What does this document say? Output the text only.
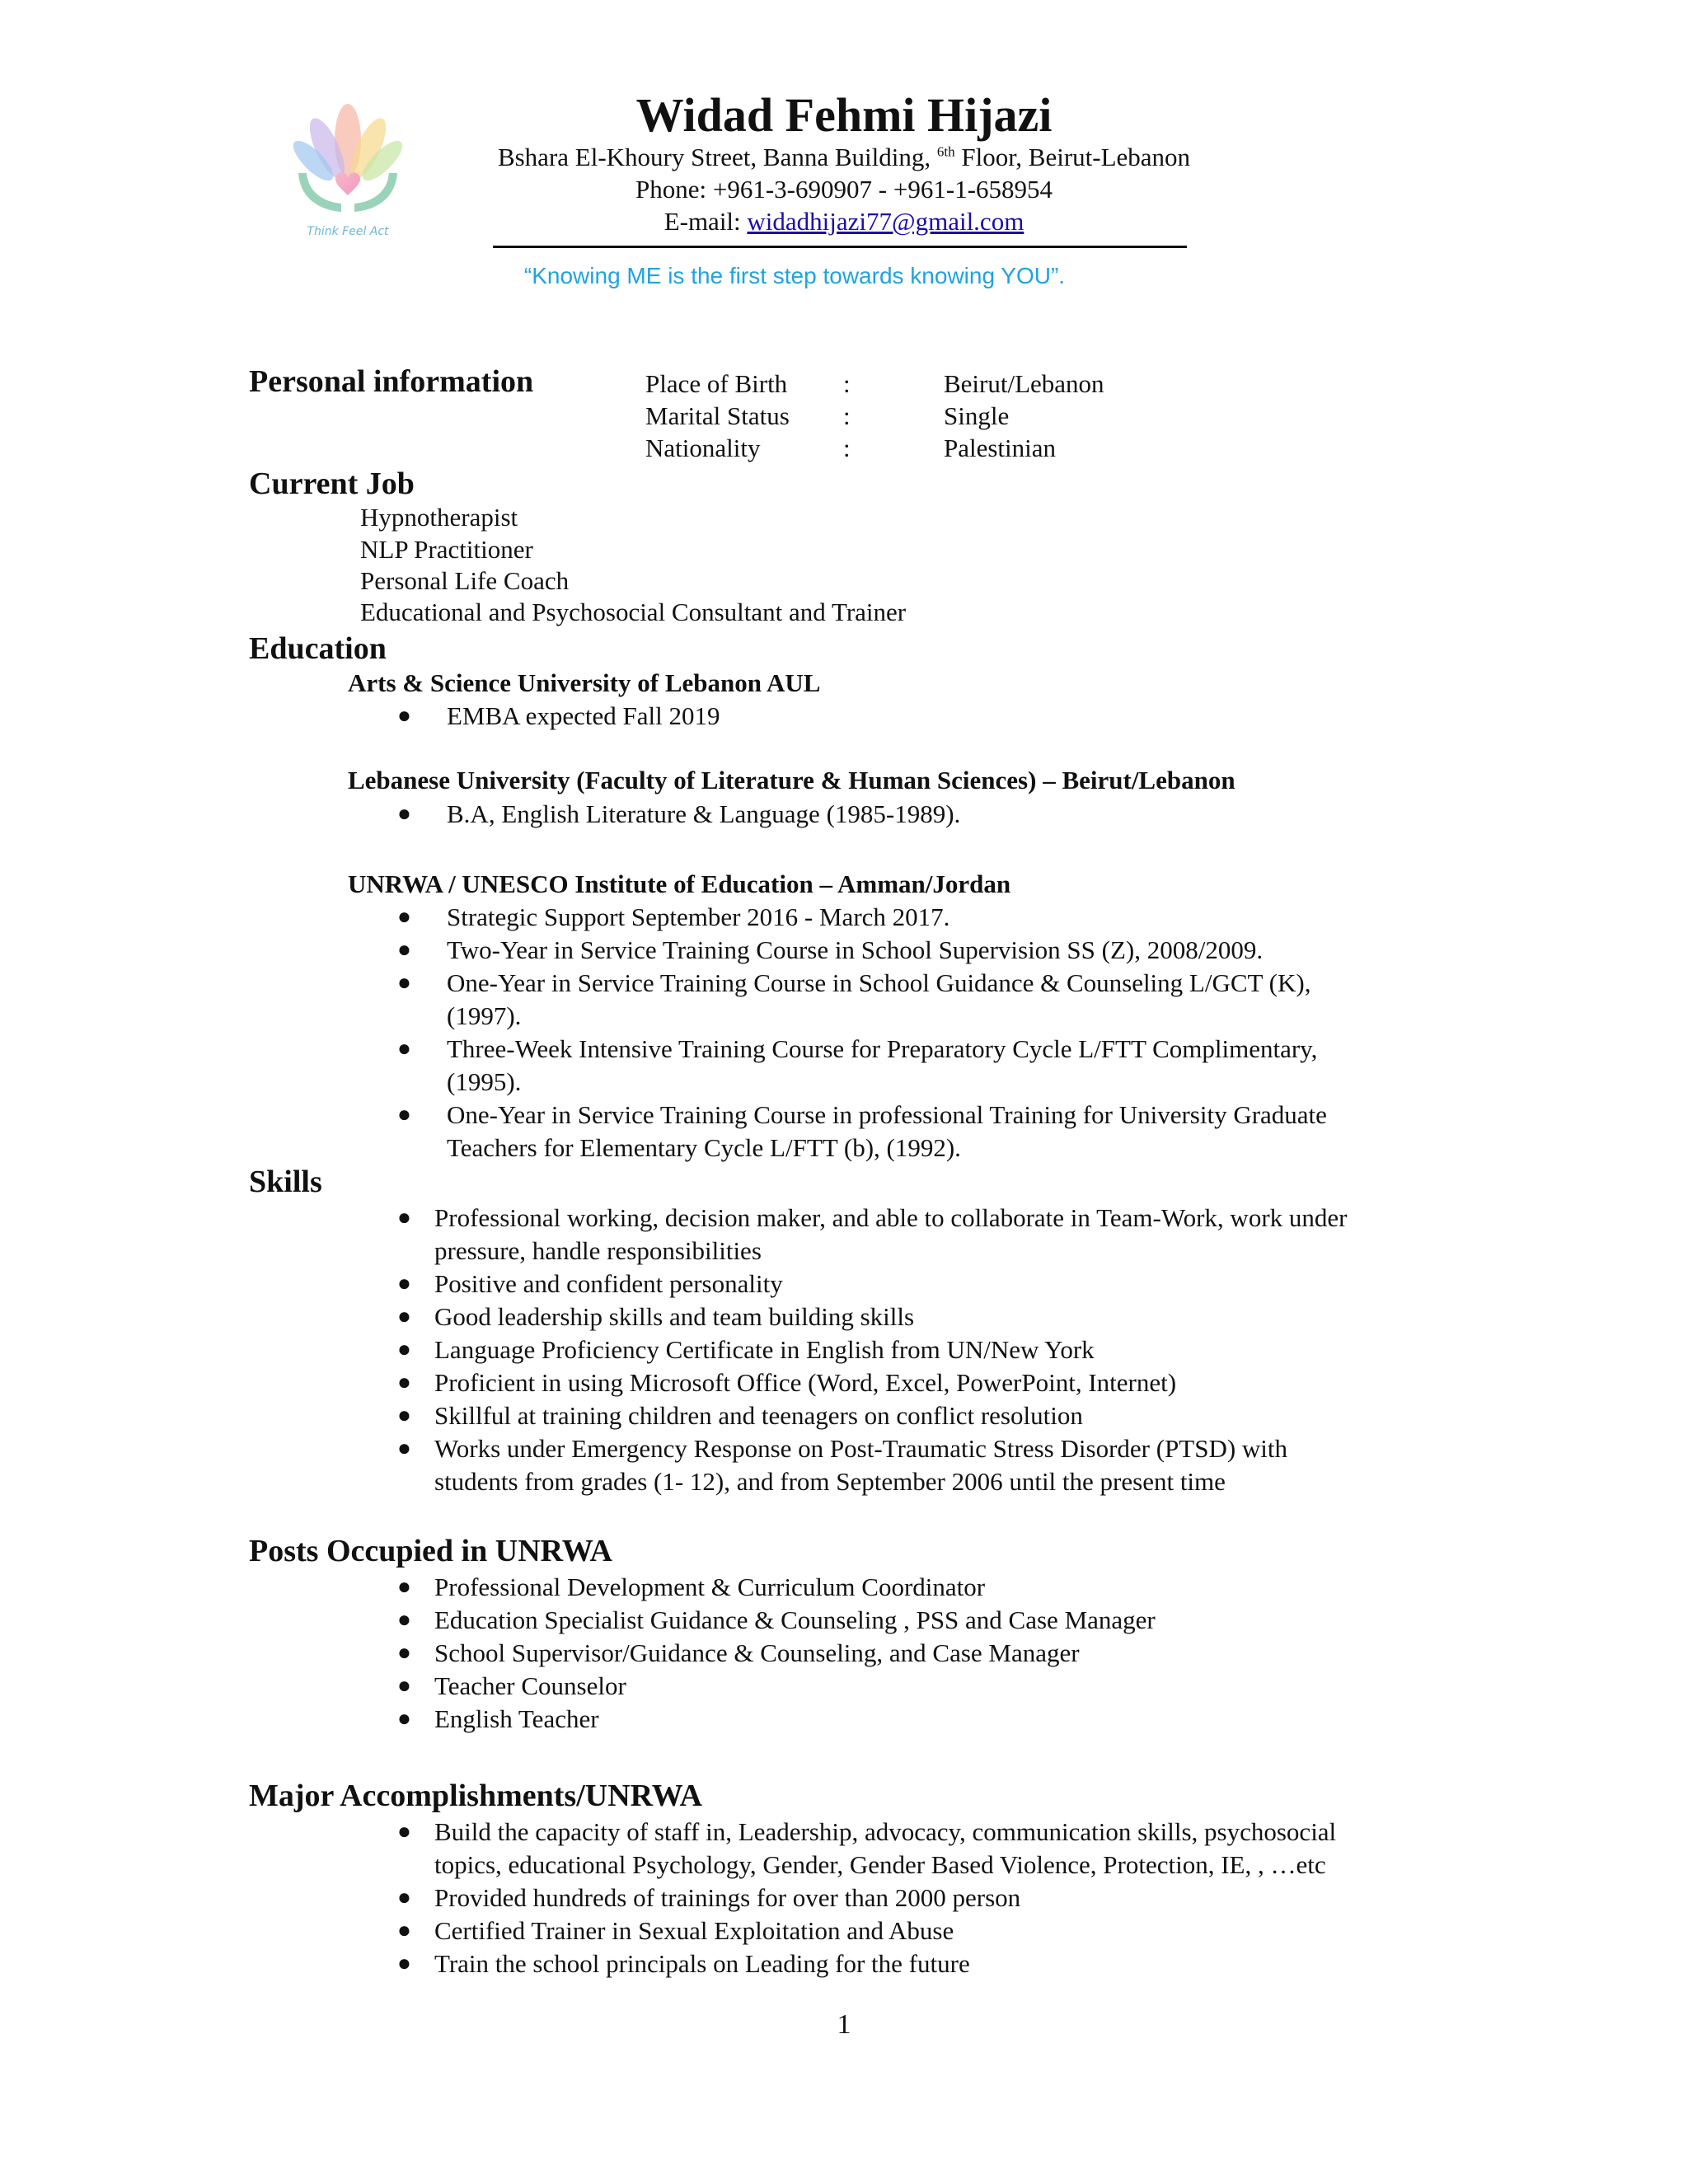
Think Feel Act
Widad Fehmi Hijazi
Bshara El-Khoury Street, Banna Building, $^{6th}$ Floor, Beirut-Lebanon
Phone: +961-3-690907 - +961-1-658954
E-mail: widadhijazi77@gmail.com
“Knowing ME is the first step towards knowing YOU”.
Personal information	Place of Birth :	Beirut/Lebanon
Marital Status :	Single
Nationality	:	Palestinian
Current Job
Hypnotherapist
NLP Practitioner
Personal Life Coach
Educational and Psychosocial Consultant and Trainer
Education
Arts & Science University of Lebanon AUL
● EMBA expected Fall 2019
Lebanese University (Faculty of Literature & Human Sciences) – Beirut/Lebanon
● B.A, English Literature & Language (1985-1989).
UNRWA / UNESCO Institute of Education – Amman/Jordan
● Strategic Support September 2016 - March 2017.
● Two-Year in Service Training Course in School Supervision SS (Z), 2008/2009.
● One-Year in Service Training Course in School Guidance & Counseling L/GCT (K),
(1997).
● Three-Week Intensive Training Course for Preparatory Cycle L/FTT Complimentary,
(1995).
● One-Year in Service Training Course in professional Training for University Graduate
Teachers for Elementary Cycle L/FTT (b), (1992).
Skills
● Professional working, decision maker, and able to collaborate in Team-Work, work under
pressure, handle responsibilities
● Positive and confident personality
● Good leadership skills and team building skills
● Language Proficiency Certificate in English from UN/New York
● Proficient in using Microsoft Office (Word, Excel, PowerPoint, Internet)
● Skillful at training children and teenagers on conflict resolution
● Works under Emergency Response on Post-Traumatic Stress Disorder (PTSD) with
students from grades (1- 12), and from September 2006 until the present time
Posts Occupied in UNRWA
● Professional Development & Curriculum Coordinator
● Education Specialist Guidance & Counseling , PSS and Case Manager
● School Supervisor/Guidance & Counseling, and Case Manager
● Teacher Counselor
● English Teacher
Major Accomplishments/UNRWA
● Build the capacity of staff in, Leadership, advocacy, communication skills, psychosocial
topics, educational Psychology, Gender, Gender Based Violence, Protection, IE, , …etc
● Provided hundreds of trainings for over than 2000 person
● Certified Trainer in Sexual Exploitation and Abuse
● Train the school principals on Leading for the future
1
